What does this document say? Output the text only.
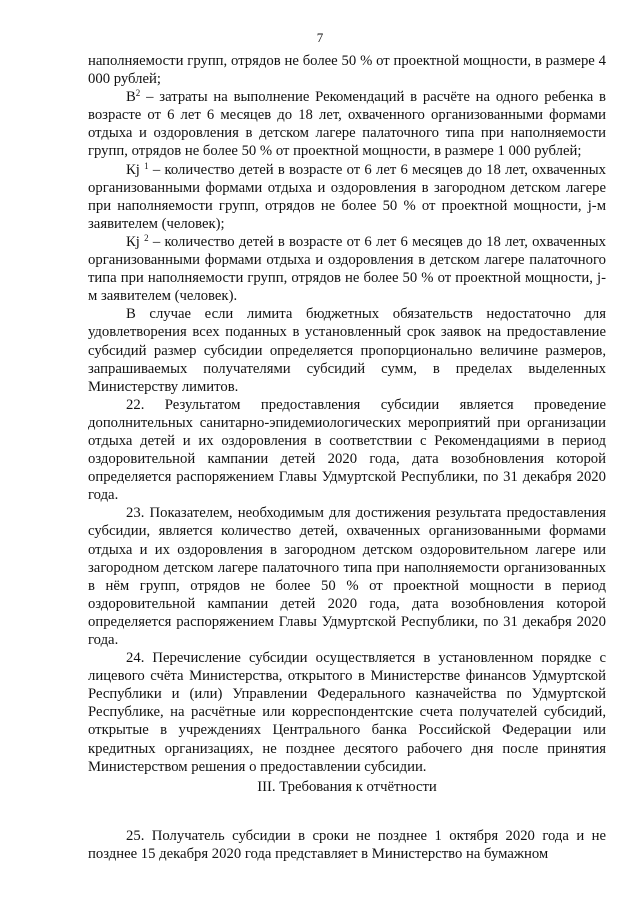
7

наполняемости групп, отрядов не более 50 % от проектной мощности, в размере 4 000 рублей;

$B^2$ – затраты на выполнение Рекомендаций в расчёте на одного ребенка в возрасте от 6 лет 6 месяцев до 18 лет, охваченного организованными формами отдыха и оздоровления в детском лагере палаточного типа при наполняемости групп, отрядов не более 50 % от проектной мощности, в размере 1 000 рублей;

Кj $^1$ – количество детей в возрасте от 6 лет 6 месяцев до 18 лет, охваченных организованными формами отдыха и оздоровления в загородном детском лагере при наполняемости групп, отрядов не более 50 % от проектной мощности, j-м заявителем (человек);

Кj $^2$ – количество детей в возрасте от 6 лет 6 месяцев до 18 лет, охваченных организованными формами отдыха и оздоровления в детском лагере палаточного типа при наполняемости групп, отрядов не более 50 % от проектной мощности, j-м заявителем (человек).

В случае если лимита бюджетных обязательств недостаточно для удовлетворения всех поданных в установленный срок заявок на предоставление субсидий размер субсидии определяется пропорционально величине размеров, запрашиваемых получателями субсидий сумм, в пределах выделенных Министерству лимитов.

22. Результатом предоставления субсидии является проведение дополнительных санитарно-эпидемиологических мероприятий при организации отдыха детей и их оздоровления в соответствии с Рекомендациями в период оздоровительной кампании детей 2020 года, дата возобновления которой определяется распоряжением Главы Удмуртской Республики, по 31 декабря 2020 года.

23. Показателем, необходимым для достижения результата предоставления субсидии, является количество детей, охваченных организованными формами отдыха и их оздоровления в загородном детском оздоровительном лагере или загородном детском лагере палаточного типа при наполняемости организованных в нём групп, отрядов не более 50 % от проектной мощности в период оздоровительной кампании детей 2020 года, дата возобновления которой определяется распоряжением Главы Удмуртской Республики, по 31 декабря 2020 года.

24. Перечисление субсидии осуществляется в установленном порядке с лицевого счёта Министерства, открытого в Министерстве финансов Удмуртской Республики и (или) Управлении Федерального казначейства по Удмуртской Республике, на расчётные или корреспондентские счета получателей субсидий, открытые в учреждениях Центрального банка Российской Федерации или кредитных организациях, не позднее десятого рабочего дня после принятия Министерством решения о предоставлении субсидии.

III. Требования к отчётности

25. Получатель субсидии в сроки не позднее 1 октября 2020 года и не позднее 15 декабря 2020 года представляет в Министерство на бумажном
